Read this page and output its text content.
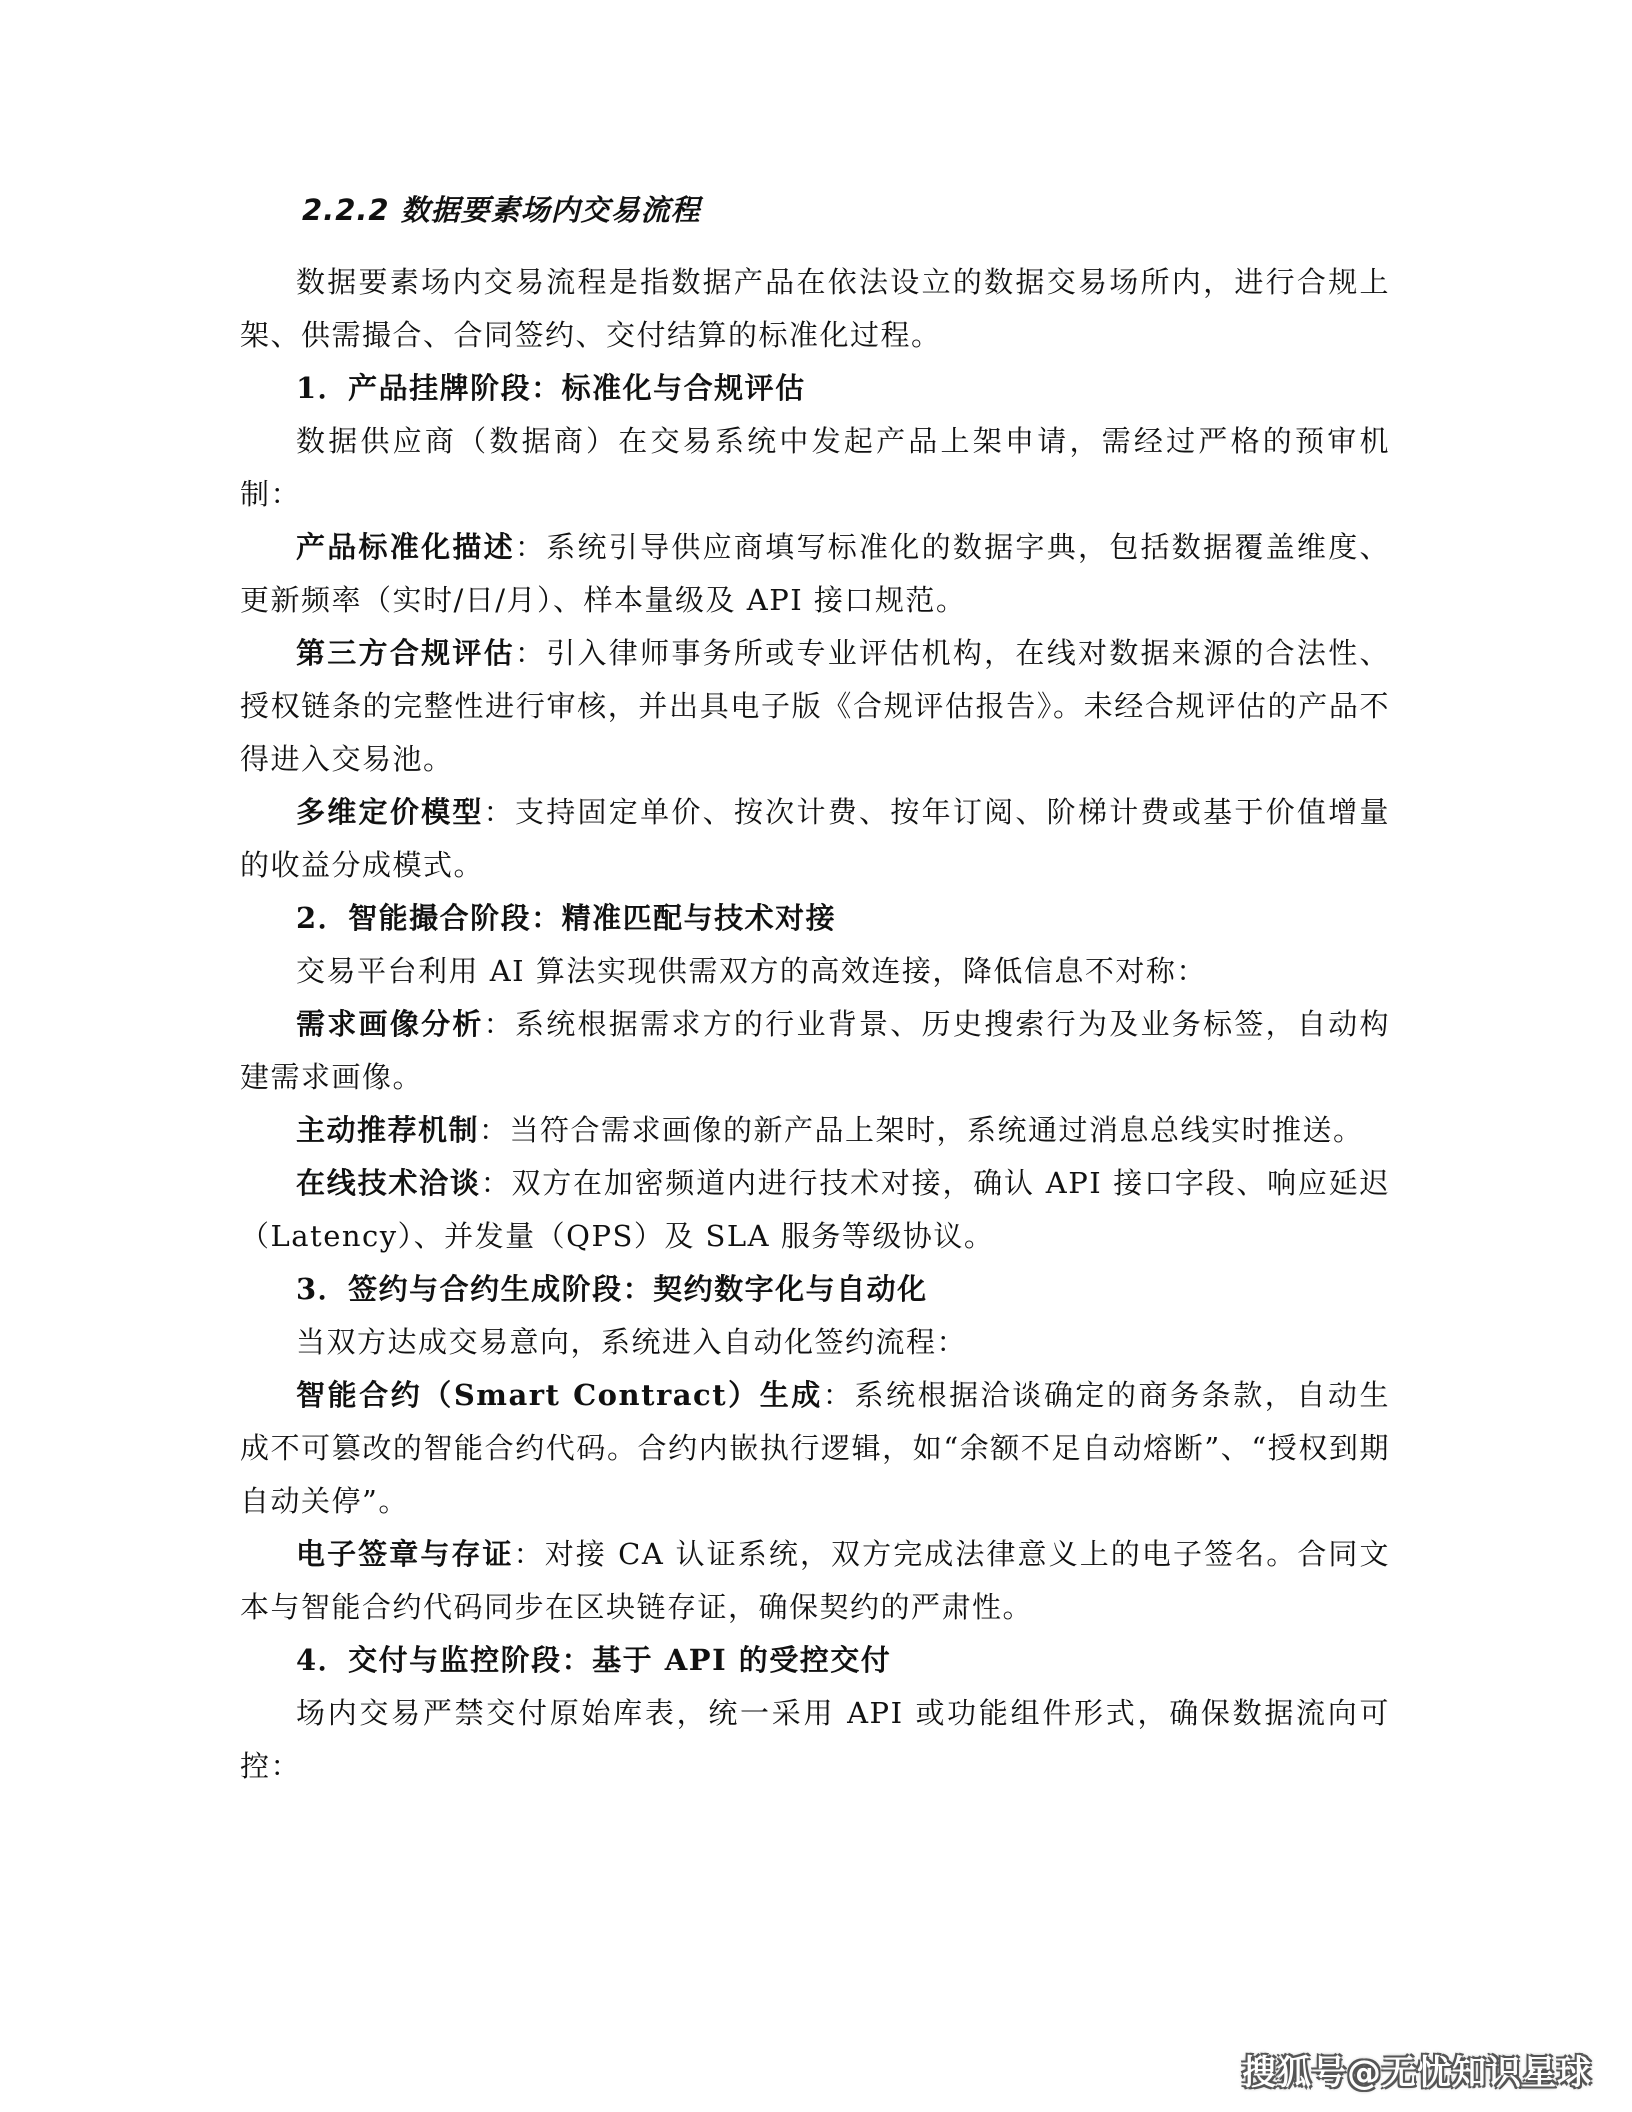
2.2.2 数据要素场内交易流程

数据要素场内交易流程是指数据产品在依法设立的数据交易场所内，进行合规上架、供需撮合、合同签约、交付结算的标准化过程。

1．产品挂牌阶段：标准化与合规评估

数据供应商（数据商）在交易系统中发起产品上架申请，需经过严格的预审机制：

产品标准化描述：系统引导供应商填写标准化的数据字典，包括数据覆盖维度、更新频率（实时/日/月）、样本量级及 API 接口规范。

第三方合规评估：引入律师事务所或专业评估机构，在线对数据来源的合法性、授权链条的完整性进行审核，并出具电子版《合规评估报告》。未经合规评估的产品不得进入交易池。

多维定价模型：支持固定单价、按次计费、按年订阅、阶梯计费或基于价值增量的收益分成模式。

2．智能撮合阶段：精准匹配与技术对接

交易平台利用 AI 算法实现供需双方的高效连接，降低信息不对称：

需求画像分析：系统根据需求方的行业背景、历史搜索行为及业务标签，自动构建需求画像。

主动推荐机制：当符合需求画像的新产品上架时，系统通过消息总线实时推送。

在线技术洽谈：双方在加密频道内进行技术对接，确认 API 接口字段、响应延迟（Latency）、并发量（QPS）及 SLA 服务等级协议。

3．签约与合约生成阶段：契约数字化与自动化

当双方达成交易意向，系统进入自动化签约流程：

智能合约（Smart Contract）生成：系统根据洽谈确定的商务条款，自动生成不可篡改的智能合约代码。合约内嵌执行逻辑，如“余额不足自动熔断”、“授权到期自动关停”。

电子签章与存证：对接 CA 认证系统，双方完成法律意义上的电子签名。合同文本与智能合约代码同步在区块链存证，确保契约的严肃性。

4．交付与监控阶段：基于 API 的受控交付

场内交易严禁交付原始库表，统一采用 API 或功能组件形式，确保数据流向可控：

搜狐号@无忧知识星球
